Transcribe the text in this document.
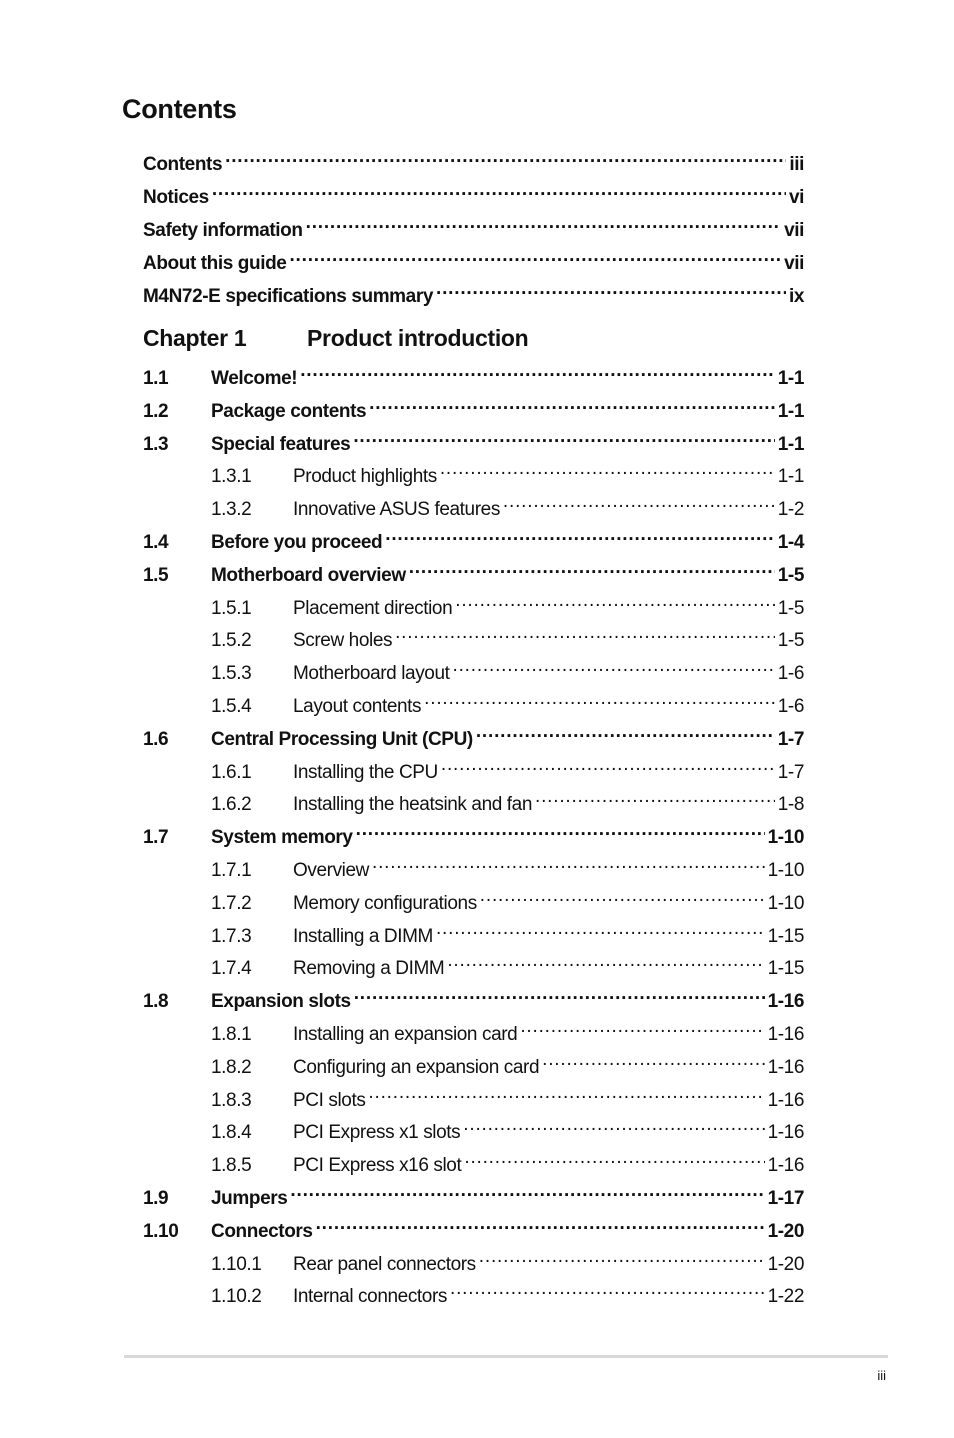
Contents
Contents .....	iii
Notices .....	vi
Safety information .....	vii
About this guide .....	vii
M4N72-E specifications summary .....	ix
1.1	Welcome! .....	1-1
1.2	Package contents .....	1-1
1.3	Special features .....	1-1
1.3.1	Product highlights .....	1-1
1.3.2	Innovative ASUS features .....	1-2
1.4	Before you proceed .....	1-4
1.5	Motherboard overview .....	1-5
1.5.1	Placement direction .....	1-5
1.5.2	Screw holes .....	1-5
1.5.3	Motherboard layout .....	1-6
1.5.4	Layout contents .....	1-6
1.6	Central Processing Unit (CPU) .....	1-7
1.6.1	Installing the CPU .....	1-7
1.6.2	Installing the heatsink and fan .....	1-8
1.7	System memory .....	1-10
1.7.1	Overview .....	1-10
1.7.2	Memory configurations .....	1-10
1.7.3	Installing a DIMM .....	1-15
1.7.4	Removing a DIMM .....	1-15
1.8	Expansion slots .....	1-16
1.8.1	Installing an expansion card .....	1-16
1.8.2	Configuring an expansion card .....	1-16
1.8.3	PCI slots .....	1-16
1.8.4	PCI Express x1 slots .....	1-16
1.8.5	PCI Express x16 slot .....	1-16
1.9	Jumpers .....	1-17
1.10	Connectors .....	1-20
1.10.1	Rear panel connectors .....	1-20
1.10.2	Internal connectors .....	1-22
Chapter 1	Product introduction
iii
